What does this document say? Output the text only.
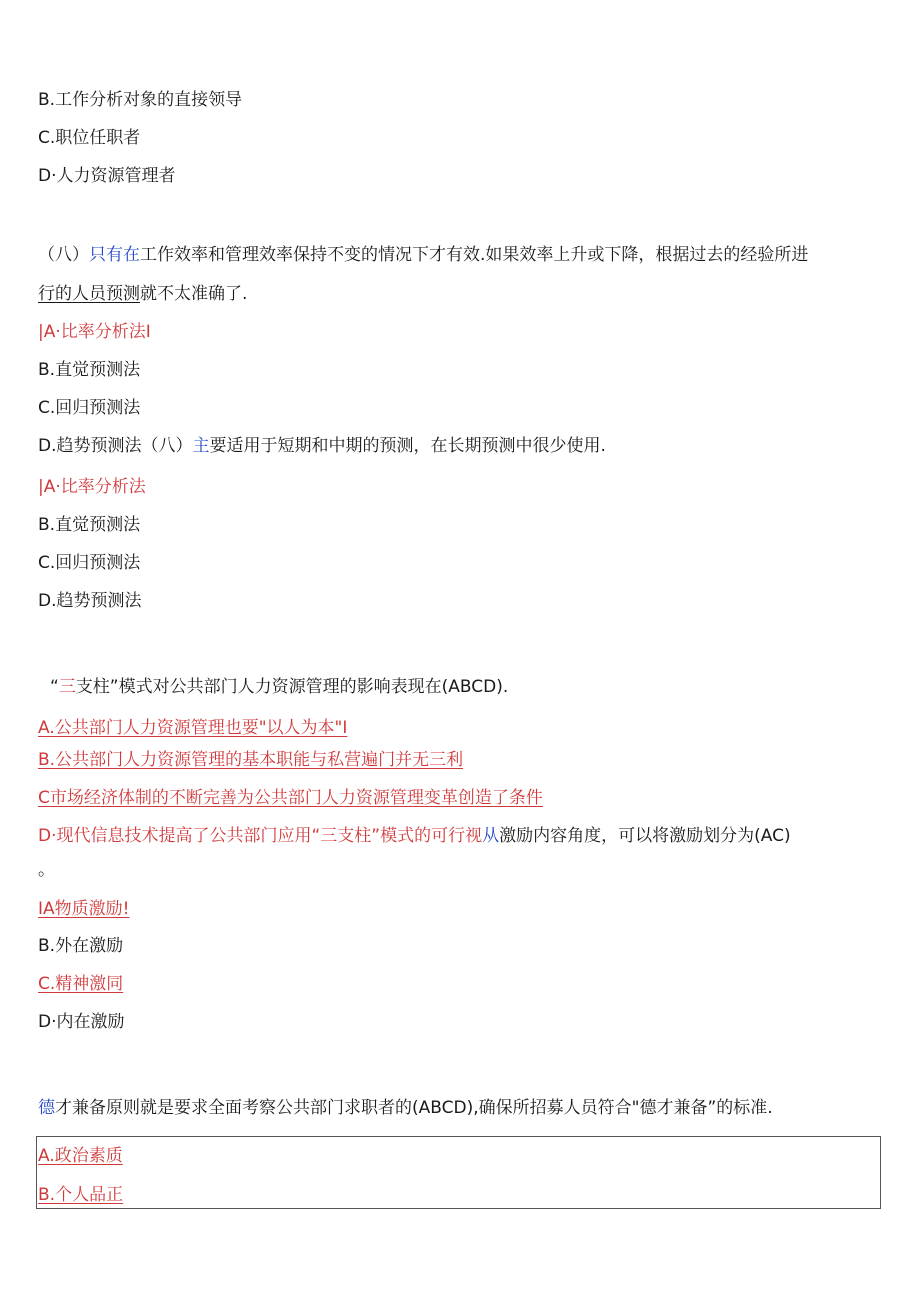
B.工作分析对象的直接领导
C.职位任职者
D·人力资源管理者
（八）只有在工作效率和管理效率保持不变的情况下才有效.如果效率上升或下降，根据过去的经验所进
行的人员预测就不太准确了.
|A·比率分析法I
B.直觉预测法
C.回归预测法
D.趋势预测法（八）主要适用于短期和中期的预测，在长期预测中很少使用.
|A·比率分析法
B.直觉预测法
C.回归预测法
D.趋势预测法
“三支柱”模式对公共部门人力资源管理的影响表现在(ABCD).
A.公共部门人力资源管理也要"以人为本"I
B.公共部门人力资源管理的基本职能与私营遍门并无三利
C市场经济体制的不断完善为公共部门人力资源管理变革创造了条件
D·现代信息技术提高了公共部门应用“三支柱”模式的可行视从激励内容角度，可以将激励划分为(AC)
。
IA物质激励!
B.外在激励
C.精神激同
D·内在激励
德才兼备原则就是要求全面考察公共部门求职者的(ABCD),确保所招募人员符合"德才兼备”的标准.
A.政治素质
B.个人品正
